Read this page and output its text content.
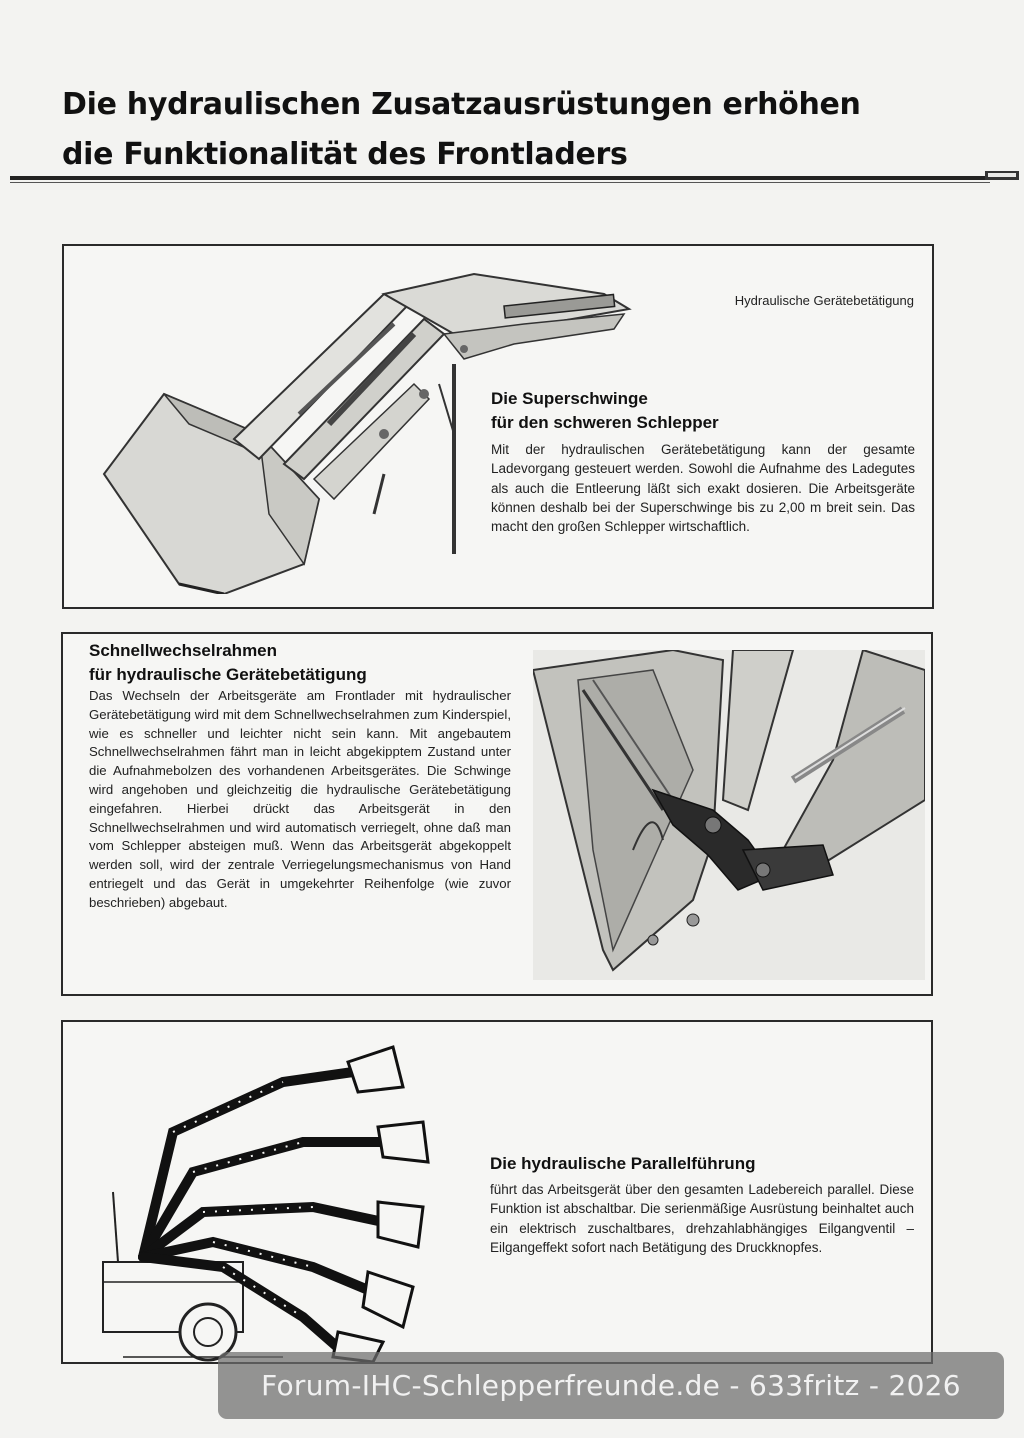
Die hydraulischen Zusatzausrüstungen erhöhen
die Funktionalität des Frontladers
Hydraulische Gerätebetätigung
Die Superschwinge
für den schweren Schlepper

Mit der hydraulischen Gerätebetätigung kann der gesamte Ladevorgang gesteuert werden. Sowohl die Aufnahme des Ladegutes als auch die Entleerung läßt sich exakt dosieren. Die Arbeitsgeräte können deshalb bei der Superschwinge bis zu 2,00 m breit sein. Das macht den großen Schlepper wirtschaftlich.

Schnellwechselrahmen
für hydraulische Gerätebetätigung

Das Wechseln der Arbeitsgeräte am Frontlader mit hydraulischer Gerätebetätigung wird mit dem Schnellwechselrahmen zum Kinderspiel, wie es schneller und leichter nicht sein kann. Mit angebautem Schnellwechselrahmen fährt man in leicht abgekipptem Zustand unter die Aufnahmebolzen des vorhandenen Arbeitsgerätes. Die Schwinge wird angehoben und gleichzeitig die hydraulische Gerätebetätigung eingefahren. Hierbei drückt das Arbeitsgerät in den Schnellwechselrahmen und wird automatisch verriegelt, ohne daß man vom Schlepper absteigen muß. Wenn das Arbeitsgerät abgekoppelt werden soll, wird der zentrale Verriegelungsmechanismus von Hand entriegelt und das Gerät in umgekehrter Reihenfolge (wie zuvor beschrieben) abgebaut.

Die hydraulische Parallelführung

führt das Arbeitsgerät über den gesamten Ladebereich parallel. Diese Funktion ist abschaltbar. Die serienmäßige Ausrüstung beinhaltet auch ein elektrisch zuschaltbares, drehzahlabhängiges Eilgangventil – Eilgangeffekt sofort nach Betätigung des Druckknopfes.

Forum-IHC-Schlepperfreunde.de - 633fritz - 2026
